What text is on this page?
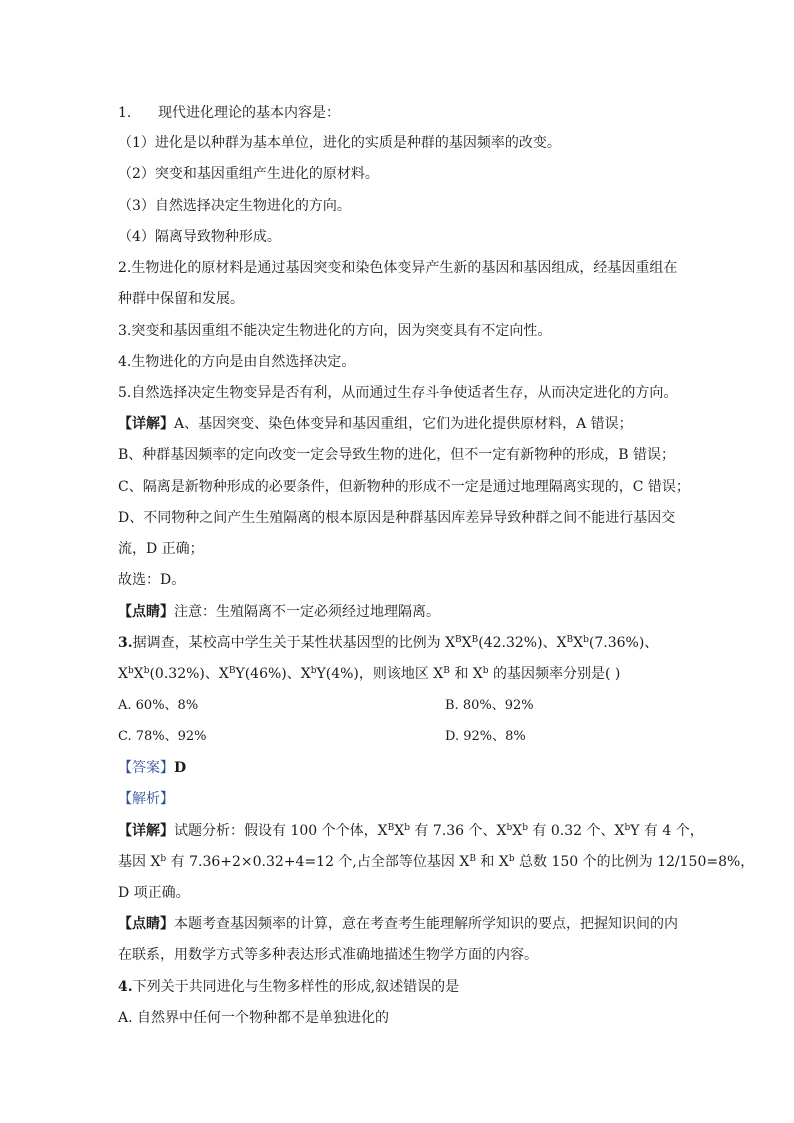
1. 现代进化理论的基本内容是：
（1）进化是以种群为基本单位，进化的实质是种群的基因频率的改变。
（2）突变和基因重组产生进化的原材料。
（3）自然选择决定生物进化的方向。
（4）隔离导致物种形成。
2.生物进化的原材料是通过基因突变和染色体变异产生新的基因和基因组成，经基因重组在
种群中保留和发展。
3.突变和基因重组不能决定生物进化的方向，因为突变具有不定向性。
4.生物进化的方向是由自然选择决定。
5.自然选择决定生物变异是否有利，从而通过生存斗争使适者生存，从而决定进化的方向。
【详解】A、基因突变、染色体变异和基因重组，它们为进化提供原材料，A 错误；
B、种群基因频率的定向改变一定会导致生物的进化，但不一定有新物种的形成，B 错误；
C、隔离是新物种形成的必要条件，但新物种的形成不一定是通过地理隔离实现的，C 错误；
D、不同物种之间产生生殖隔离的根本原因是种群基因库差异导致种群之间不能进行基因交
流，D 正确；
故选：D。
【点睛】注意：生殖隔离不一定必须经过地理隔离。
3.据调查，某校高中学生关于某性状基因型的比例为 $X^BX^B(42.32\%)$、$X^BX^b(7.36\%)$、
$X^bX^b(0.32\%)$、$X^BY(46\%)$、$X^bY(4\%)$，则该地区 $X^B$ 和 $X^b$ 的基因频率分别是( )
A. 60%、8%	B. 80%、92%
C. 78%、92%	D. 92%、8%
【答案】D
【解析】
【详解】试题分析：假设有 100 个个体，$X^BX^b$ 有 7.36 个、$X^bX^b$ 有 0.32 个、$X^bY$ 有 4 个，
基因 $X^b$ 有 7.36+2×0.32+4=12 个,占全部等位基因 $X^B$ 和 $X^b$ 总数 150 个的比例为 12/150=8%，
D 项正确。
【点睛】本题考查基因频率的计算，意在考查考生能理解所学知识的要点，把握知识间的内
在联系，用数学方式等多种表达形式准确地描述生物学方面的内容。
4.下列关于共同进化与生物多样性的形成,叙述错误的是
A. 自然界中任何一个物种都不是单独进化的
